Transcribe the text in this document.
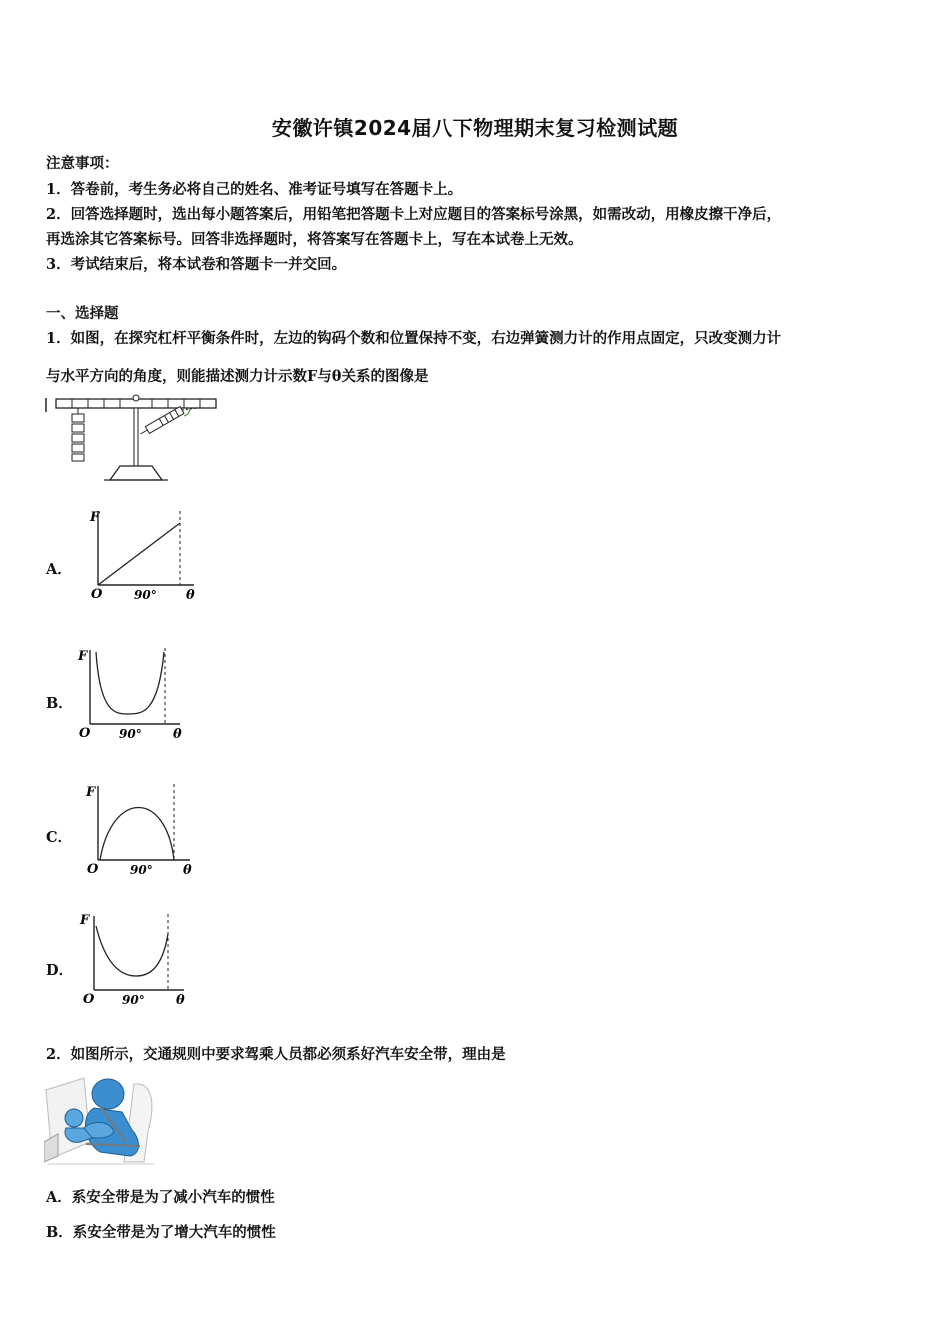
安徽许镇2024届八下物理期末复习检测试题
注意事项：
1．答卷前，考生务必将自己的姓名、准考证号填写在答题卡上。
2．回答选择题时，选出每小题答案后，用铅笔把答题卡上对应题目的答案标号涂黑，如需改动，用橡皮擦干净后，
再选涂其它答案标号。回答非选择题时，将答案写在答题卡上，写在本试卷上无效。
3．考试结束后，将本试卷和答题卡一并交回。
一、选择题
1．如图，在探究杠杆平衡条件时，左边的钩码个数和位置保持不变，右边弹簧测力计的作用点固定，只改变测力计
与水平方向的角度，则能描述测力计示数F与θ关系的图像是
A．
F
O	90° θ
B．
F
O 90° θ
C．
F
O	90° θ
D．
F
O 90° θ
2．如图所示，交通规则中要求驾乘人员都必须系好汽车安全带，理由是
A．系安全带是为了减小汽车的惯性
B．系安全带是为了增大汽车的惯性
